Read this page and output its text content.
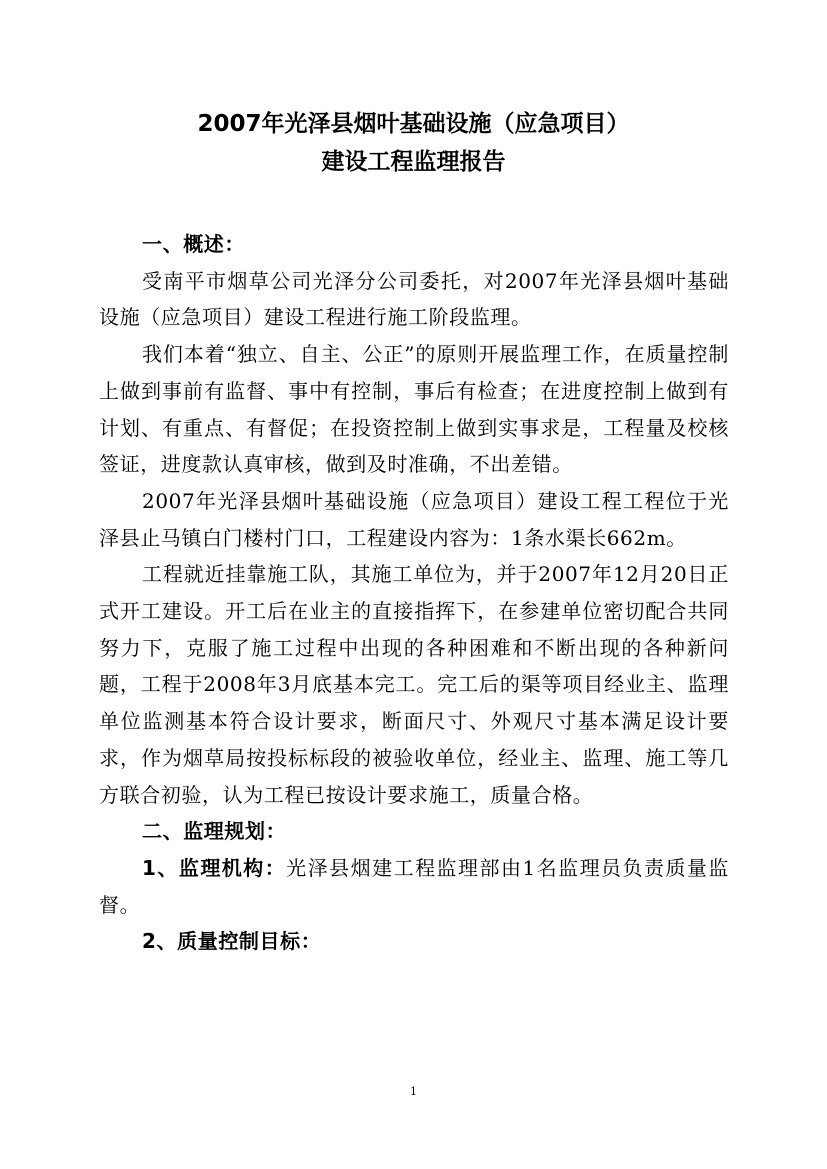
2007年光泽县烟叶基础设施（应急项目）
建设工程监理报告

一、概述：

受南平市烟草公司光泽分公司委托，对2007年光泽县烟叶基础设施（应急项目）建设工程进行施工阶段监理。

我们本着“独立、自主、公正”的原则开展监理工作，在质量控制上做到事前有监督、事中有控制，事后有检查；在进度控制上做到有计划、有重点、有督促；在投资控制上做到实事求是，工程量及校核签证，进度款认真审核，做到及时准确，不出差错。

2007年光泽县烟叶基础设施（应急项目）建设工程工程位于光泽县止马镇白门楼村门口，工程建设内容为：1条水渠长662m。

工程就近挂靠施工队，其施工单位为，并于2007年12月20日正式开工建设。开工后在业主的直接指挥下，在参建单位密切配合共同努力下，克服了施工过程中出现的各种困难和不断出现的各种新问题，工程于2008年3月底基本完工。完工后的渠等项目经业主、监理单位监测基本符合设计要求，断面尺寸、外观尺寸基本满足设计要求，作为烟草局按投标标段的被验收单位，经业主、监理、施工等几方联合初验，认为工程已按设计要求施工，质量合格。

二、监理规划：

1、监理机构：光泽县烟建工程监理部由1名监理员负责质量监督。

2、质量控制目标：

1
